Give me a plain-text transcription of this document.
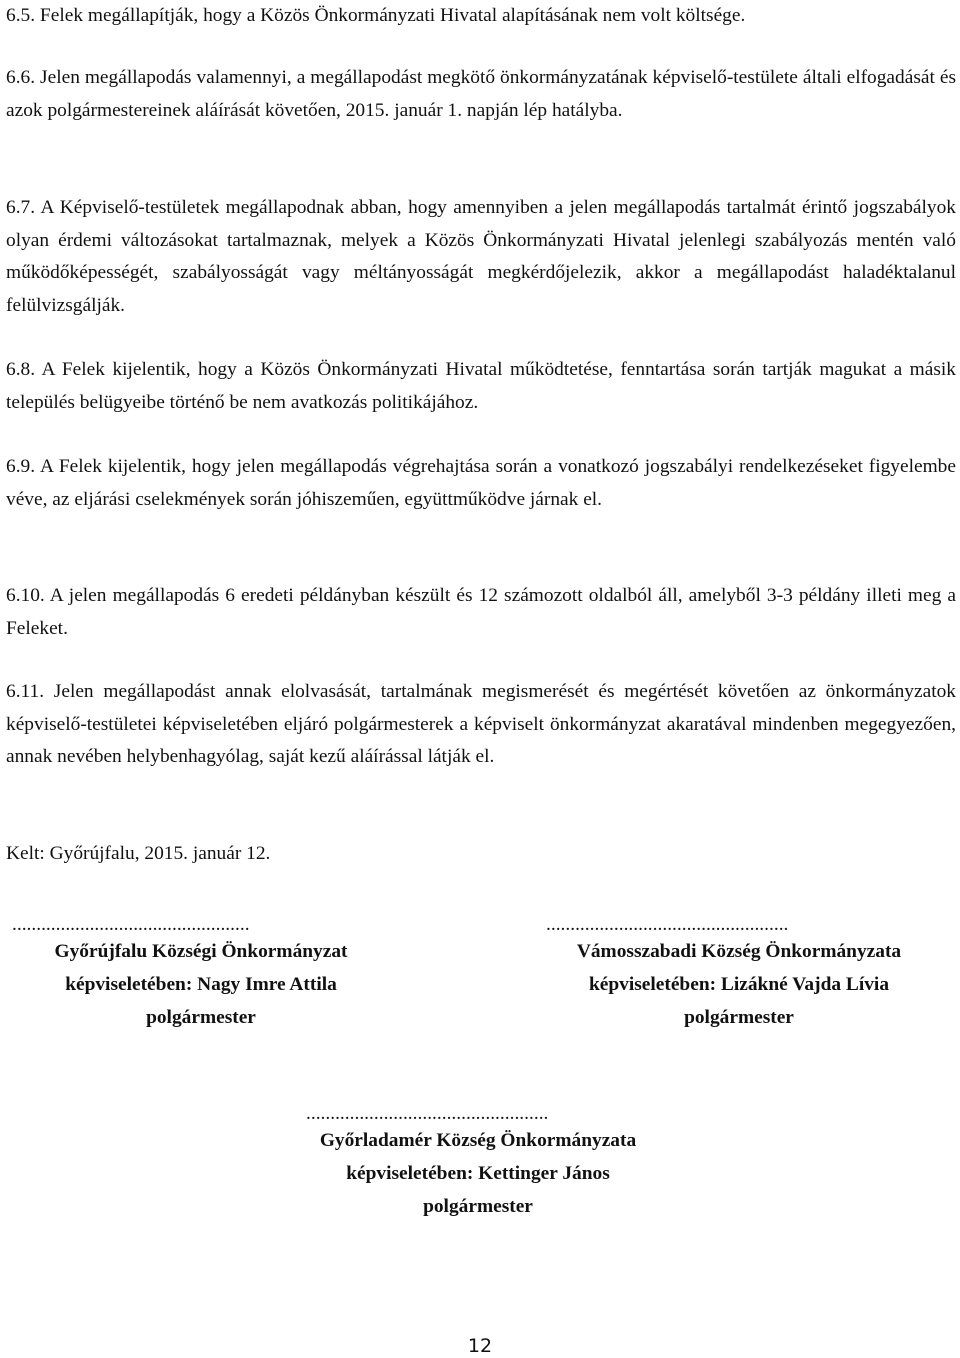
6.5. Felek megállapítják, hogy a Közös Önkormányzati Hivatal alapításának nem volt költsége.

6.6. Jelen megállapodás valamennyi, a megállapodást megkötő önkormányzatának képviselő-testülete általi elfogadását és azok polgármestereinek aláírását követően, 2015. január 1. napján lép hatályba.

6.7. A Képviselő-testületek megállapodnak abban, hogy amennyiben a jelen megállapodás tartalmát érintő jogszabályok olyan érdemi változásokat tartalmaznak, melyek a Közös Önkormányzati Hivatal jelenlegi szabályozás mentén való működőképességét, szabályosságát vagy méltányosságát megkérdőjelezik, akkor a megállapodást haladéktalanul felülvizsgálják.

6.8. A Felek kijelentik, hogy a Közös Önkormányzati Hivatal működtetése, fenntartása során tartják magukat a másik település belügyeibe történő be nem avatkozás politikájához.

6.9. A Felek kijelentik, hogy jelen megállapodás végrehajtása során a vonatkozó jogszabályi rendelkezéseket figyelembe véve, az eljárási cselekmények során jóhiszeműen, együttműködve járnak el.

6.10. A jelen megállapodás 6 eredeti példányban készült és 12 számozott oldalból áll, amelyből 3-3 példány illeti meg a Feleket.

6.11. Jelen megállapodást annak elolvasását, tartalmának megismerését és megértését követően az önkormányzatok képviselő-testületei képviseletében eljáró polgármesterek a képviselt önkormányzat akaratával mindenben megegyezően, annak nevében helybenhagyólag, saját kezű aláírással látják el.

Kelt: Győrújfalu, 2015. január 12.

.................................................
Győrújfalu Községi Önkormányzat
képviseletében: Nagy Imre Attila
polgármester
..................................................
Vámosszabadi Község Önkormányzata
képviseletében: Lizákné Vajda Lívia
polgármester
..................................................
Győrladamér Község Önkormányzata
képviseletében: Kettinger János
polgármester
12
